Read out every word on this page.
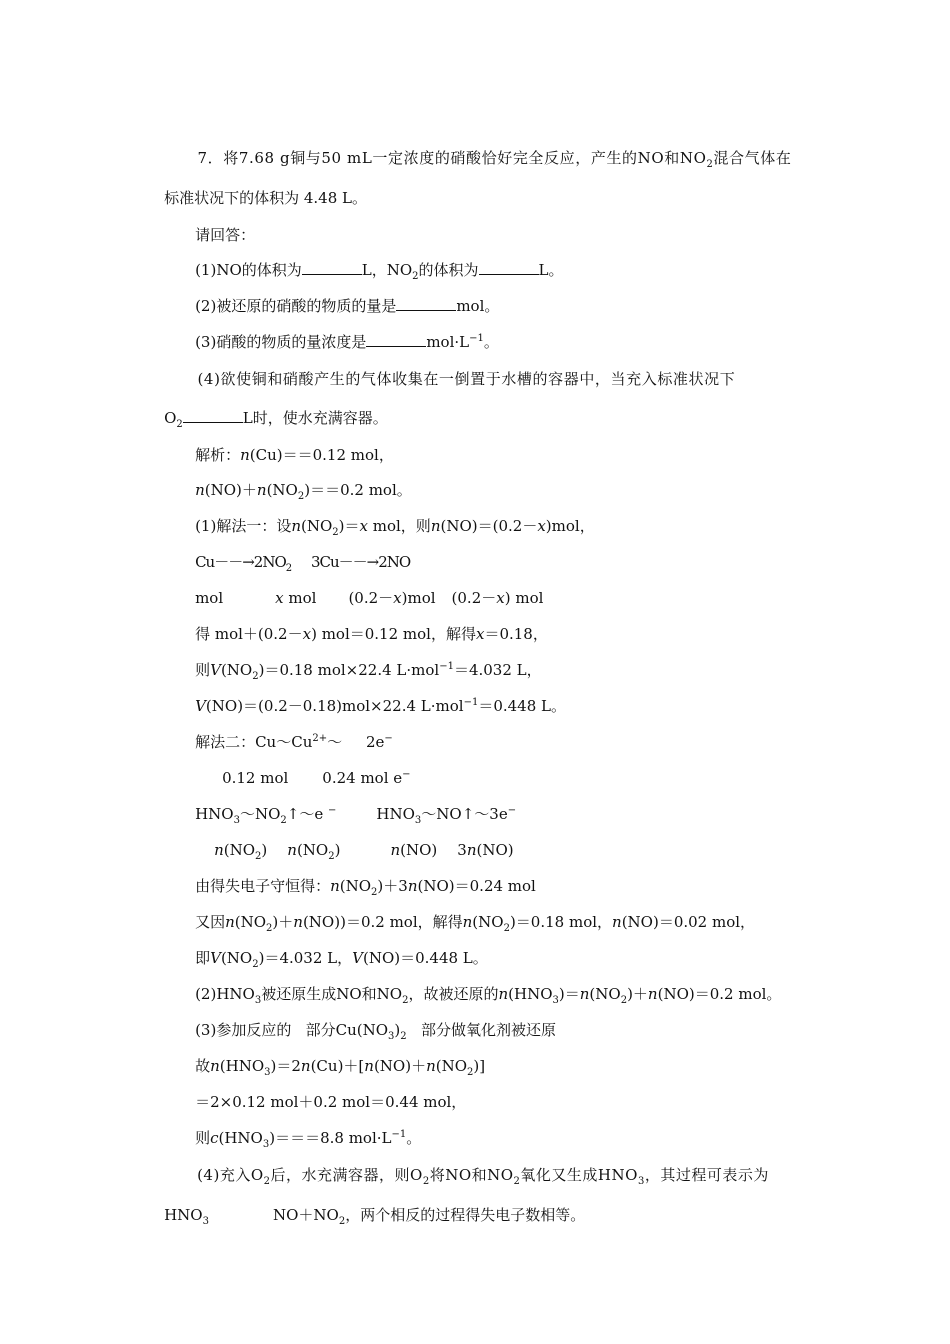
7．将7.68 g铜与50 mL一定浓度的硝酸恰好完全反应，产生的NO和$NO_2$混合气体在

标准状况下的体积为 4.48 L。

请回答：

(1)NO的体积为	L，$NO_2$的体积为	L。

(2)被还原的硝酸的物质的量是	mol。

(3)硝酸的物质的量浓度是	$mol\cdot L^{-1}$。

(4)欲使铜和硝酸产生的气体收集在一倒置于水槽的容器中，当充入标准状况下

$O_2$	L时，使水充满容器。

解析：n(Cu)＝＝0.12 mol，

$n(NO)+n(NO_2)==0.2$ mol。

(1)解法一：设$n(NO_2)=x$ mol，则n(NO)＝(0.2－x)mol，

$Cu--\to 2NO_2$     3Cu－－→2NO

mol	x mol (0.2－x)mol (0.2－x) mol

得 mol＋(0.2－x) mol＝0.12 mol，解得x＝0.18，

则$V(NO_2)=0.18$ mol×22.4 L·mol$^{-1}$＝4.032 L，

V(NO)＝(0.2－0.18)mol×22.4 L·mol$^{-1}$＝0.448 L。

解法二：$Cu\sim Cu^{2+}\sim$     2e−

0.12 mol 0.24 mol e−

$HNO_3\sim NO_2↑\sim e$ −	$HNO_3\sim NO↑\sim 3e^-$

$n(NO_2)$ $n(NO_2)$	n(NO) 3n(NO)

由得失电子守恒得：$n(NO_2)+3n(NO)=0.24$ mol

又因$n(NO_2)+n(NO))=0.2$ mol，解得$n(NO_2)=0.18$ mol，n(NO)＝0.02 mol，

即$V(NO_2)=4.032$ L，V(NO)＝0.448 L。

$(2)HNO_3$被还原生成NO和$NO_2$，故被还原的$n(HNO_3)=n(NO_2)+n(NO)=0.2$ mol。

(3)参加反应的   部分$Cu(NO_3)_2$   部分做氧化剂被还原

故$n(HNO_3)=2n(Cu)+[n(NO)+n(NO_2)]$

＝2×0.12 mol＋0.2 mol＝0.44 mol，

则$c(HNO_3)===8.8$ $mol\cdot L^{-1}$。

(4)充入$O_2$后，水充满容器，则$O_2$将NO和$NO_2$氧化又生成$HNO_3$，其过程可表示为

$HNO_3$	$NO+NO_2$，两个相反的过程得失电子数相等。
